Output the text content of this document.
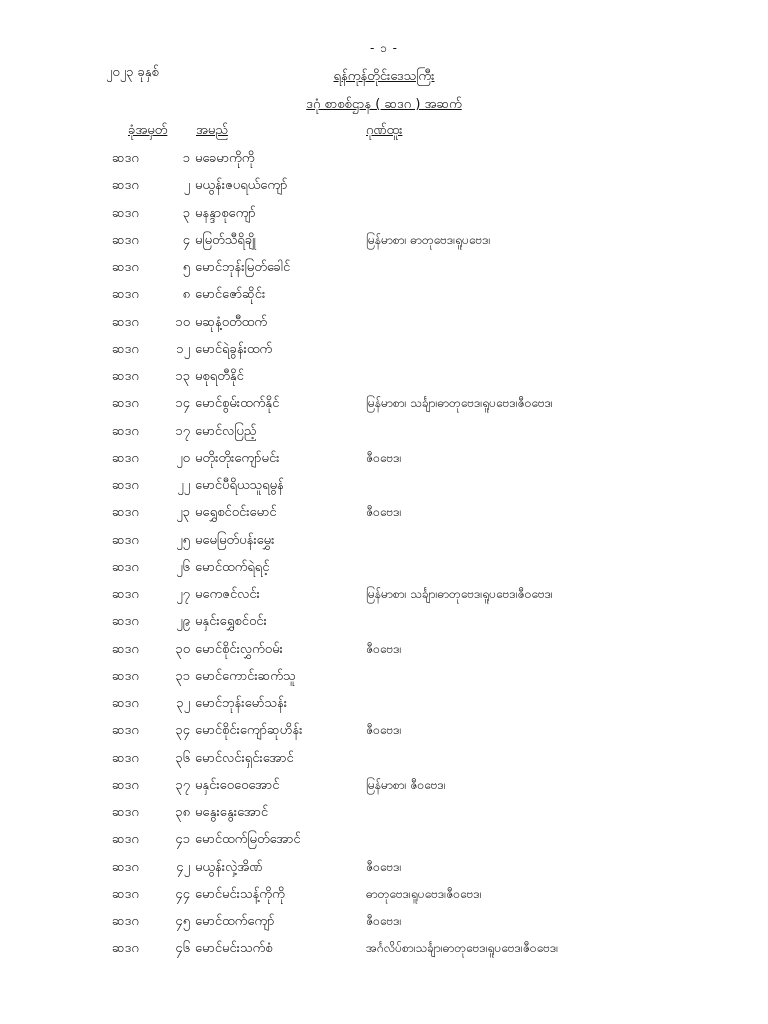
- ၁ -
၂၀၂၃ ခုနှစ်	ရန်ကုန်တိုင်းဒေသကြီး
ဒဂုံ စာစစ်ဌာန ( ဆဒဂ ) အဆက်
ခုံအမှတ် အမည်	ဂုဏ်ထူး
ဆဒဂ	၁ မခေမာကိုကို
ဆဒဂ	၂ မယွန်းဇပရယ်ကျော်
ဆဒဂ	၃ မနန္ဒာစုကျော်
ဆဒဂ	၄ မမြတ်သီရိချို	မြန်မာစာ၊ ဓာတုဗေဒ၊ရူပဗေဒ၊
ဆဒဂ	၅ မောင်ဘုန်းမြတ်ခေါင်
ဆဒဂ	၈ မောင်ဇော်ဆိုင်း
ဆဒဂ	၁၀ မဆုနံ့ဝတီထက်
ဆဒဂ	၁၂ မောင်ရဲခွန်းထက်
ဆဒဂ	၁၃ မစုရတီနိုင်
ဆဒဂ	၁၄ မောင်စွမ်းထက်နိုင်	မြန်မာစာ၊ သင်္ချာ၊ဓာတုဗေဒ၊ရူပဗေဒ၊ဇီဝဗေဒ၊
ဆဒဂ	၁၇ မောင်လပြည့်
ဆဒဂ	၂၀ မတိုးတိုးကျော်မင်း	ဇီဝဗေဒ၊
ဆဒဂ	၂၂ မောင်ပီရိယသူရမွန်
ဆဒဂ	၂၃ မရွှေစင်ဝင်းမောင်	ဇီဝဗေဒ၊
ဆဒဂ	၂၅ မမေမြတ်ပန်းမွှေး
ဆဒဂ	၂၆ မောင်ထက်ရဲရင့်
ဆဒဂ	၂၇ မကေဇင်လင်း	မြန်မာစာ၊ သင်္ချာ၊ဓာတုဗေဒ၊ရူပဗေဒ၊ဇီဝဗေဒ၊
ဆဒဂ	၂၉ မနှင်းရွှေစင်ဝင်း
ဆဒဂ	၃၀ မောင်စိုင်းလွှက်ဝမ်း	ဇီဝဗေဒ၊
ဆဒဂ	၃၁ မောင်ကောင်းဆက်သူ
ဆဒဂ	၃၂ မောင်ဘုန်းမော်သန်း
ဆဒဂ	၃၄ မောင်စိုင်းကျော်ဆုဟိန်း	ဇီဝဗေဒ၊
ဆဒဂ	၃၆ မောင်လင်းရှင်းအောင်
ဆဒဂ	၃၇ မနှင်းဝေဝေအောင်	မြန်မာစာ၊ ဇီဝဗေဒ၊
ဆဒဂ	၃၈ မနွေးနွေးအောင်
ဆဒဂ	၄၁ မောင်ထက်မြတ်အောင်
ဆဒဂ	၄၂ မယွန်းလှဲ့အိဏ်	ဇီဝဗေဒ၊
ဆဒဂ	၄၄ မောင်မင်းသန့်ကိုကို	ဓာတုဗေဒ၊ရူပဗေဒ၊ဇီဝဗေဒ၊
ဆဒဂ	၄၅ မောင်ထက်ကျော်	ဇီဝဗေဒ၊
ဆဒဂ	၄၆ မောင်မင်းသက်စံ	အင်္ဂလိပ်စာ၊သင်္ချာ၊ဓာတုဗေဒ၊ရူပဗေဒ၊ဇီဝဗေဒ၊
